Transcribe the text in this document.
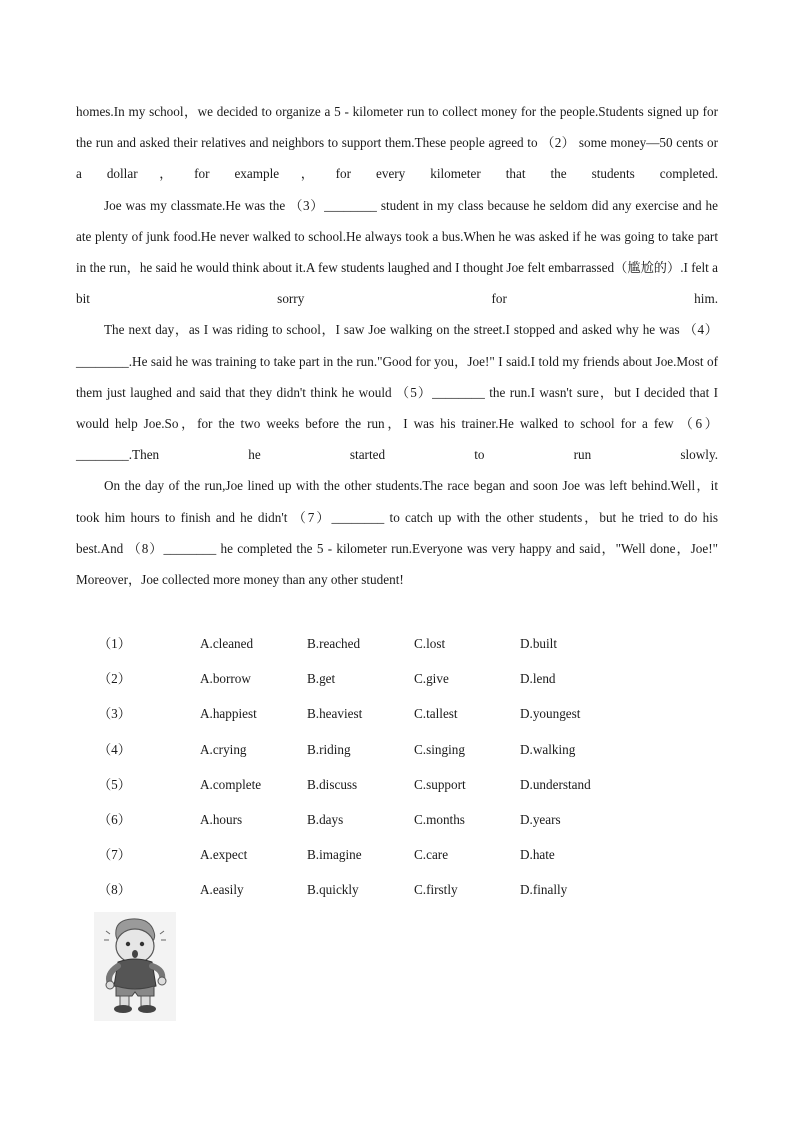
homes.In my school，we decided to organize a 5 - kilometer run to collect money for the people.Students signed up for the run and asked their relatives and neighbors to support them.These people agreed to （2） some money—50 cents or a dollar，for example，for every kilometer that the students completed.

Joe was my classmate.He was the （3）________ student in my class because he seldom did any exercise and he ate plenty of junk food.He never walked to school.He always took a bus.When he was asked if he was going to take part in the run，he said he would think about it.A few students laughed and I thought Joe felt embarrassed（尴尬的）.I felt a bit sorry for him.

The next day，as I was riding to school，I saw Joe walking on the street.I stopped and asked why he was （4）________.He said he was training to take part in the run."Good for you，Joe!" I said.I told my friends about Joe.Most of them just laughed and said that they didn't think he would （5）________ the run.I wasn't sure，but I decided that I would help Joe.So，for the two weeks before the run，I was his trainer.He walked to school for a few （6）________.Then he started to run slowly.

On the day of the run,Joe lined up with the other students.The race began and soon Joe was left behind.Well，it took him hours to finish and he didn't （7）________ to catch up with the other students，but he tried to do his best.And （8）________ he completed the 5 - kilometer run.Everyone was very happy and said，"Well done，Joe!" Moreover，Joe collected more money than any other student!

（1）	A.cleaned	B.reached	C.lost	D.built
（2）	A.borrow	B.get	C.give	D.lend
（3）	A.happiest	B.heaviest	C.tallest	D.youngest
（4）	A.crying	B.riding	C.singing	D.walking
（5）	A.complete	B.discuss	C.support	D.understand
（6）	A.hours	B.days	C.months	D.years
（7）	A.expect	B.imagine	C.care	D.hate
（8）	A.easily	B.quickly	C.firstly	D.finally
